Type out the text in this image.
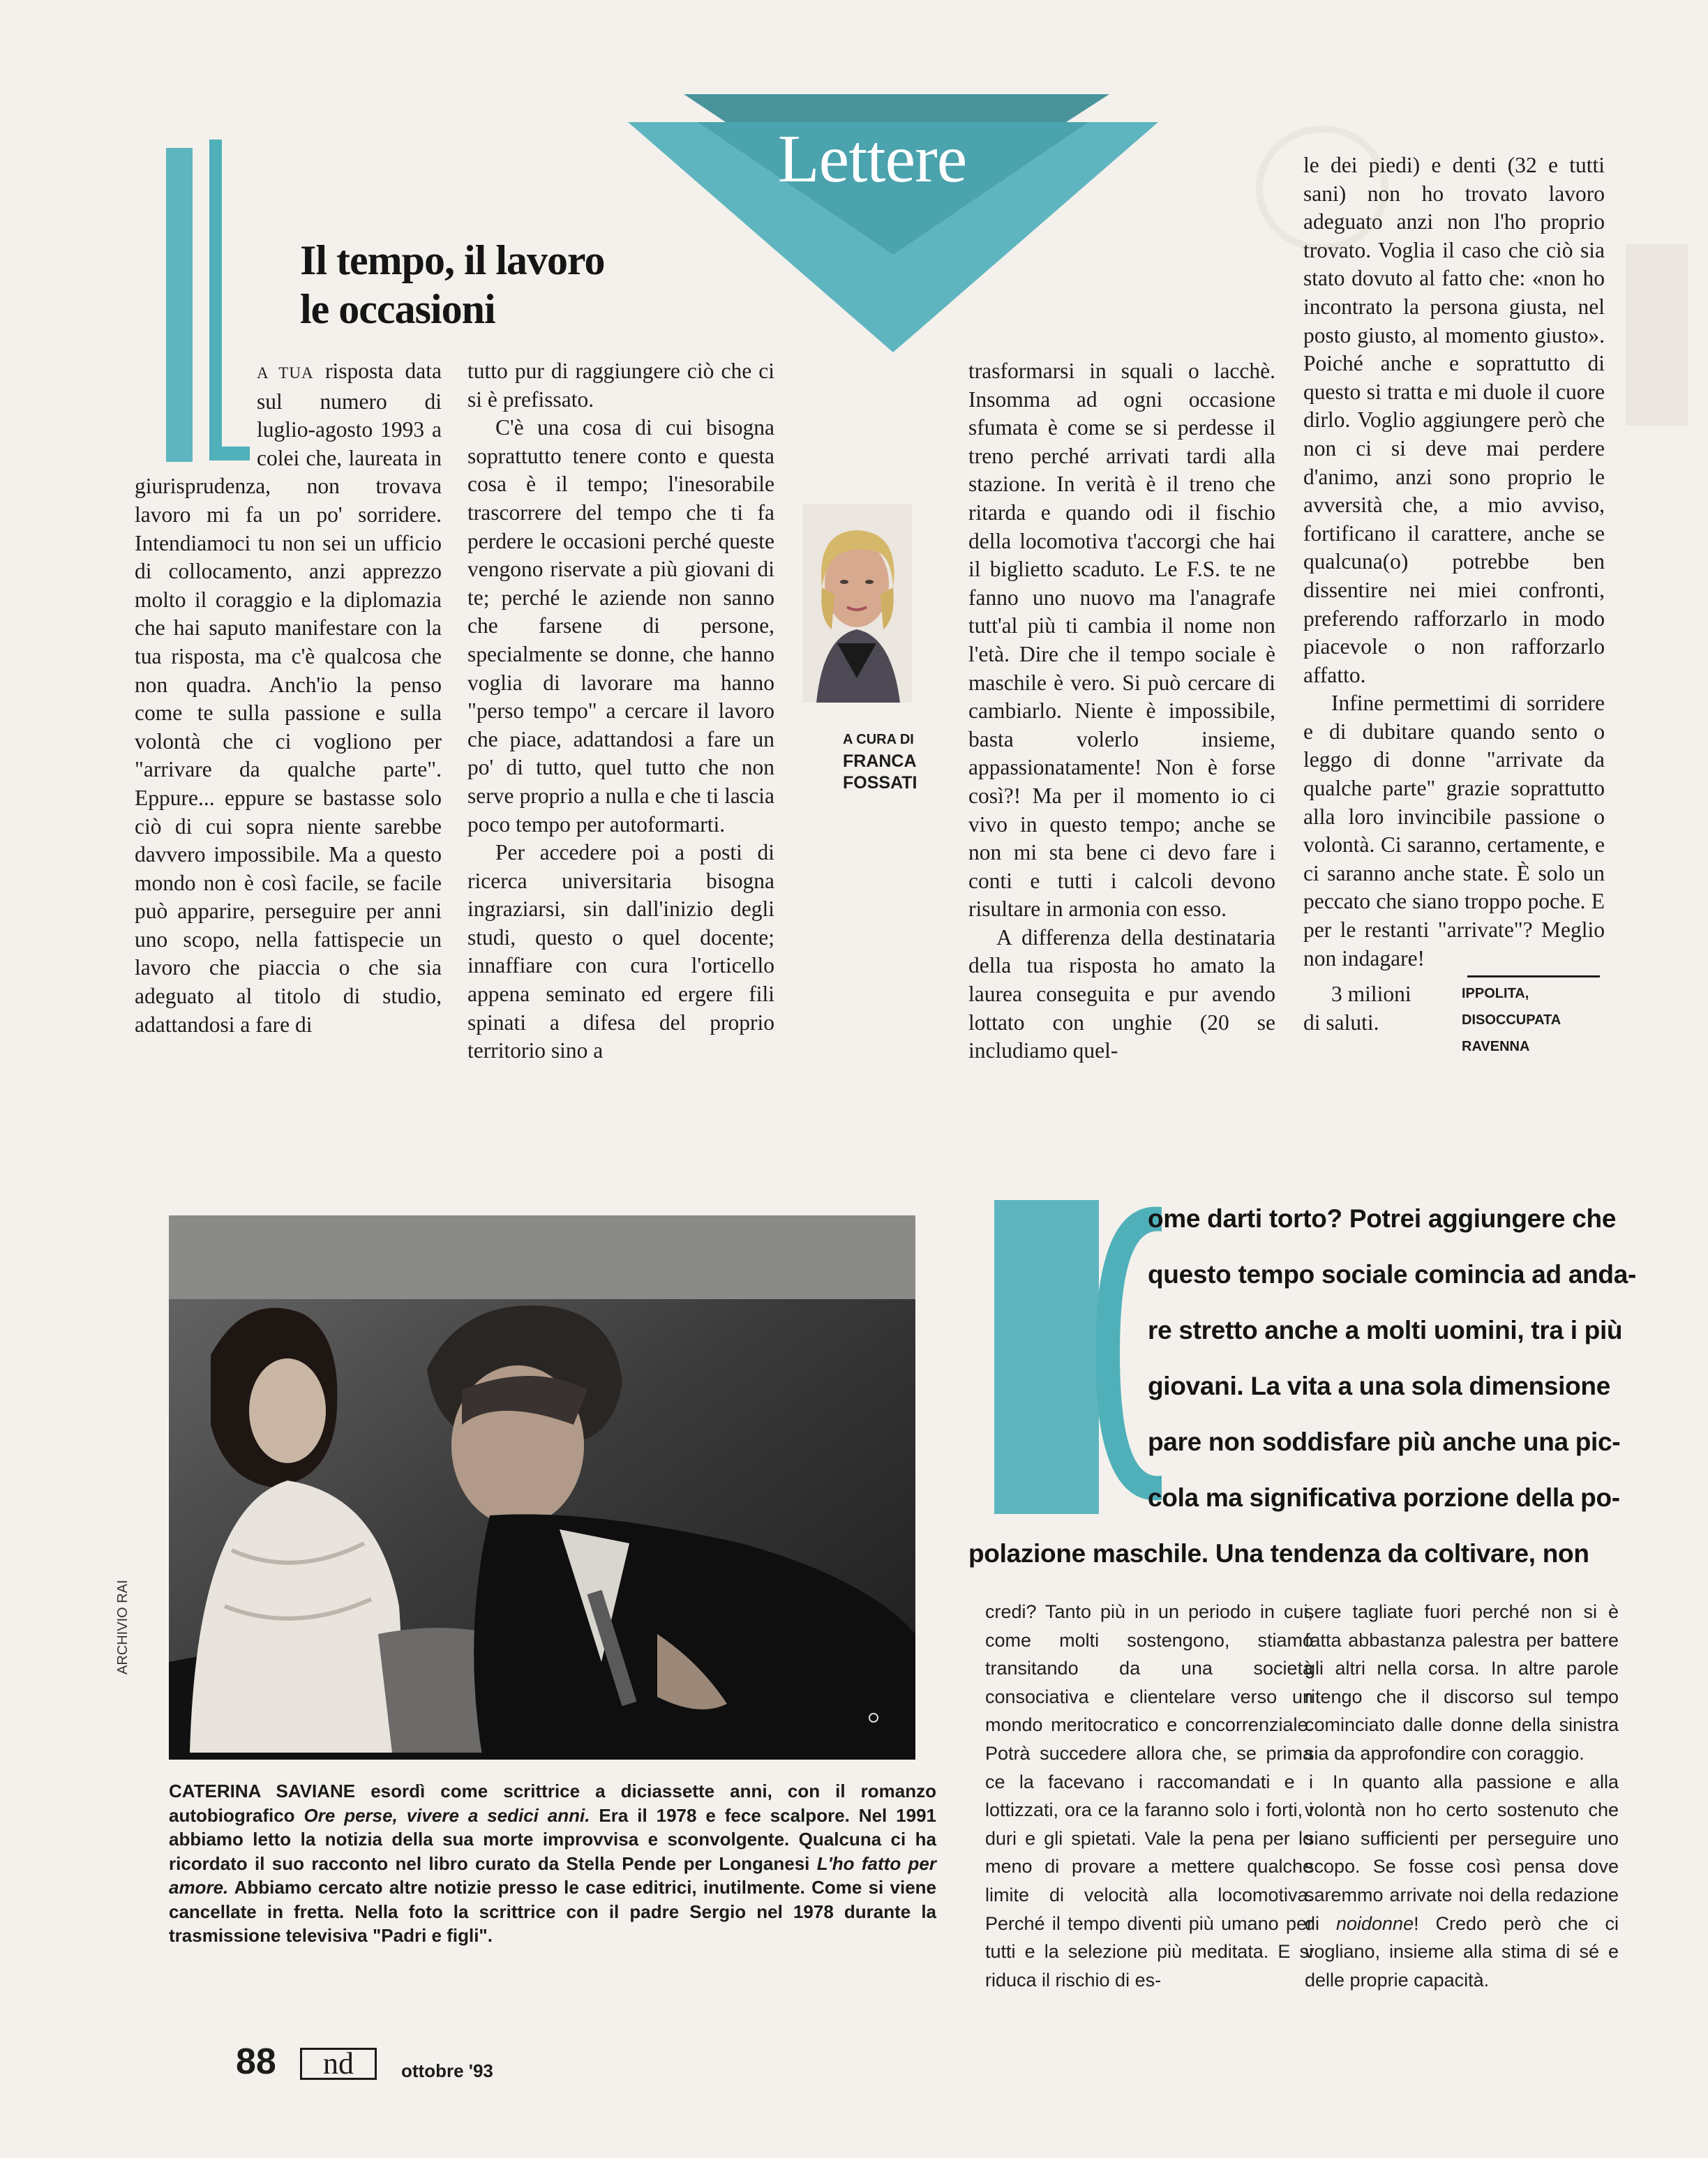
Lettere
Il tempo, il lavoro
le occasioni

A TUA risposta data sul numero di luglio-agosto 1993 a colei che, laureata in giurisprudenza, non trovava lavoro mi fa un po' sorridere. Intendiamoci tu non sei un ufficio di collocamento, anzi apprezzo molto il coraggio e la diplomazia che hai saputo manifestare con la tua risposta, ma c'è qualcosa che non quadra. Anch'io la penso come te sulla passione e sulla volontà che ci vogliono per "arrivare da qualche parte". Eppure... eppure se bastasse solo ciò di cui sopra niente sarebbe davvero impossibile. Ma a questo mondo non è così facile, se facile può apparire, perseguire per anni uno scopo, nella fattispecie un lavoro che piaccia o che sia adeguato al titolo di studio, adattandosi a fare di

tutto pur di raggiungere ciò che ci si è prefissato.

C'è una cosa di cui bisogna soprattutto tenere conto e questa cosa è il tempo; l'inesorabile trascorrere del tempo che ti fa perdere le occasioni perché queste vengono riservate a più giovani di te; perché le aziende non sanno che farsene di persone, specialmente se donne, che hanno voglia di lavorare ma hanno "perso tempo" a cercare il lavoro che piace, adattandosi a fare un po' di tutto, quel tutto che non serve proprio a nulla e che ti lascia poco tempo per autoformarti.

Per accedere poi a posti di ricerca universitaria bisogna ingraziarsi, sin dall'inizio degli studi, questo o quel docente; innaffiare con cura l'orticello appena seminato ed ergere fili spinati a difesa del proprio territorio sino a

A CURA DI
FRANCA
FOSSATI

trasformarsi in squali o lacchè. Insomma ad ogni occasione sfumata è come se si perdesse il treno perché arrivati tardi alla stazione. In verità è il treno che ritarda e quando odi il fischio della locomotiva t'accorgi che hai il biglietto scaduto. Le F.S. te ne fanno uno nuovo ma l'anagrafe tutt'al più ti cambia il nome non l'età. Dire che il tempo sociale è maschile è vero. Si può cercare di cambiarlo. Niente è impossibile, basta volerlo insieme, appassionatamente! Non è forse così?! Ma per il momento io ci vivo in questo tempo; anche se non mi sta bene ci devo fare i conti e tutti i calcoli devono risultare in armonia con esso.

A differenza della destinataria della tua risposta ho amato la laurea conseguita e pur avendo lottato con unghie (20 se includiamo quel-

le dei piedi) e denti (32 e tutti sani) non ho trovato lavoro adeguato anzi non l'ho proprio trovato. Voglia il caso che ciò sia stato dovuto al fatto che: «non ho incontrato la persona giusta, nel posto giusto, al momento giusto». Poiché anche e soprattutto di questo si tratta e mi duole il cuore dirlo. Voglio aggiungere però che non ci si deve mai perdere d'animo, anzi sono proprio le avversità che, a mio avviso, fortificano il carattere, anche se qualcuna(o) potrebbe ben dissentire nei miei confronti, preferendo rafforzarlo in modo piacevole o non rafforzarlo affatto.

Infine permettimi di sorridere e di dubitare quando sento o leggo di donne "arrivate da qualche parte" grazie soprattutto alla loro invincibile passione o volontà. Ci saranno, certamente, e ci saranno anche state. È solo un peccato che siano troppo poche. E per le restanti "arrivate"? Meglio non indagare!

3 milioni
di saluti.
IPPOLITA, DISOCCUPATA
RAVENNA
ARCHIVIO RAI
CATERINA SAVIANE esordì come scrittrice a diciassette anni, con il romanzo autobiografico Ore perse, vivere a sedici anni. Era il 1978 e fece scalpore. Nel 1991 abbiamo letto la notizia della sua morte improvvisa e sconvolgente. Qualcuna ci ha ricordato il suo racconto nel libro curato da Stella Pende per Longanesi L'ho fatto per amore. Abbiamo cercato altre notizie presso le case editrici, inutilmente. Come si viene cancellate in fretta. Nella foto la scrittrice con il padre Sergio nel 1978 durante la trasmissione televisiva "Padri e figli".
ome darti torto? Potrei aggiungere che
questo tempo sociale comincia ad anda-
re stretto anche a molti uomini, tra i più
giovani. La vita a una sola dimensione
pare non soddisfare più anche una pic-
cola ma significativa porzione della po-
polazione maschile. Una tendenza da coltivare, non

credi? Tanto più in un periodo in cui, come molti sostengono, stiamo transitando da una società consociativa e clientelare verso un mondo meritocratico e concorrenziale. Potrà succedere allora che, se prima ce la facevano i raccomandati e i lottizzati, ora ce la faranno solo i forti, i duri e gli spietati. Vale la pena per lo meno di provare a mettere qualche limite di velocità alla locomotiva. Perché il tempo diventi più umano per tutti e la selezione più meditata. E si riduca il rischio di es-

sere tagliate fuori perché non si è fatta abbastanza palestra per battere gli altri nella corsa. In altre parole ritengo che il discorso sul tempo cominciato dalle donne della sinistra sia da approfondire con coraggio.

In quanto alla passione e alla volontà non ho certo sostenuto che siano sufficienti per perseguire uno scopo. Se fosse così pensa dove saremmo arrivate noi della redazione di noidonne! Credo però che ci vogliano, insieme alla stima di sé e delle proprie capacità.

88	nd	ottobre '93
